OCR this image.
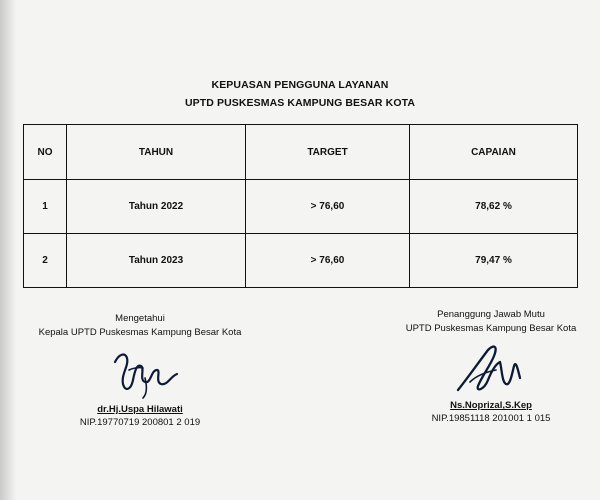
KEPUASAN PENGGUNA LAYANAN
UPTD PUSKESMAS KAMPUNG BESAR KOTA
NO	TAHUN	TARGET	CAPAIAN
1	Tahun 2022	> 76,60	78,62 %
2	Tahun 2023	> 76,60	79,47 %
Mengetahui
Kepala UPTD Puskesmas Kampung Besar Kota
dr.Hj.Uspa Hilawati
NIP.19770719 200801 2 019
Penanggung Jawab Mutu
UPTD Puskesmas Kampung Besar Kota
Ns.Noprizal,S.Kep
NIP.19851118 201001 1 015
